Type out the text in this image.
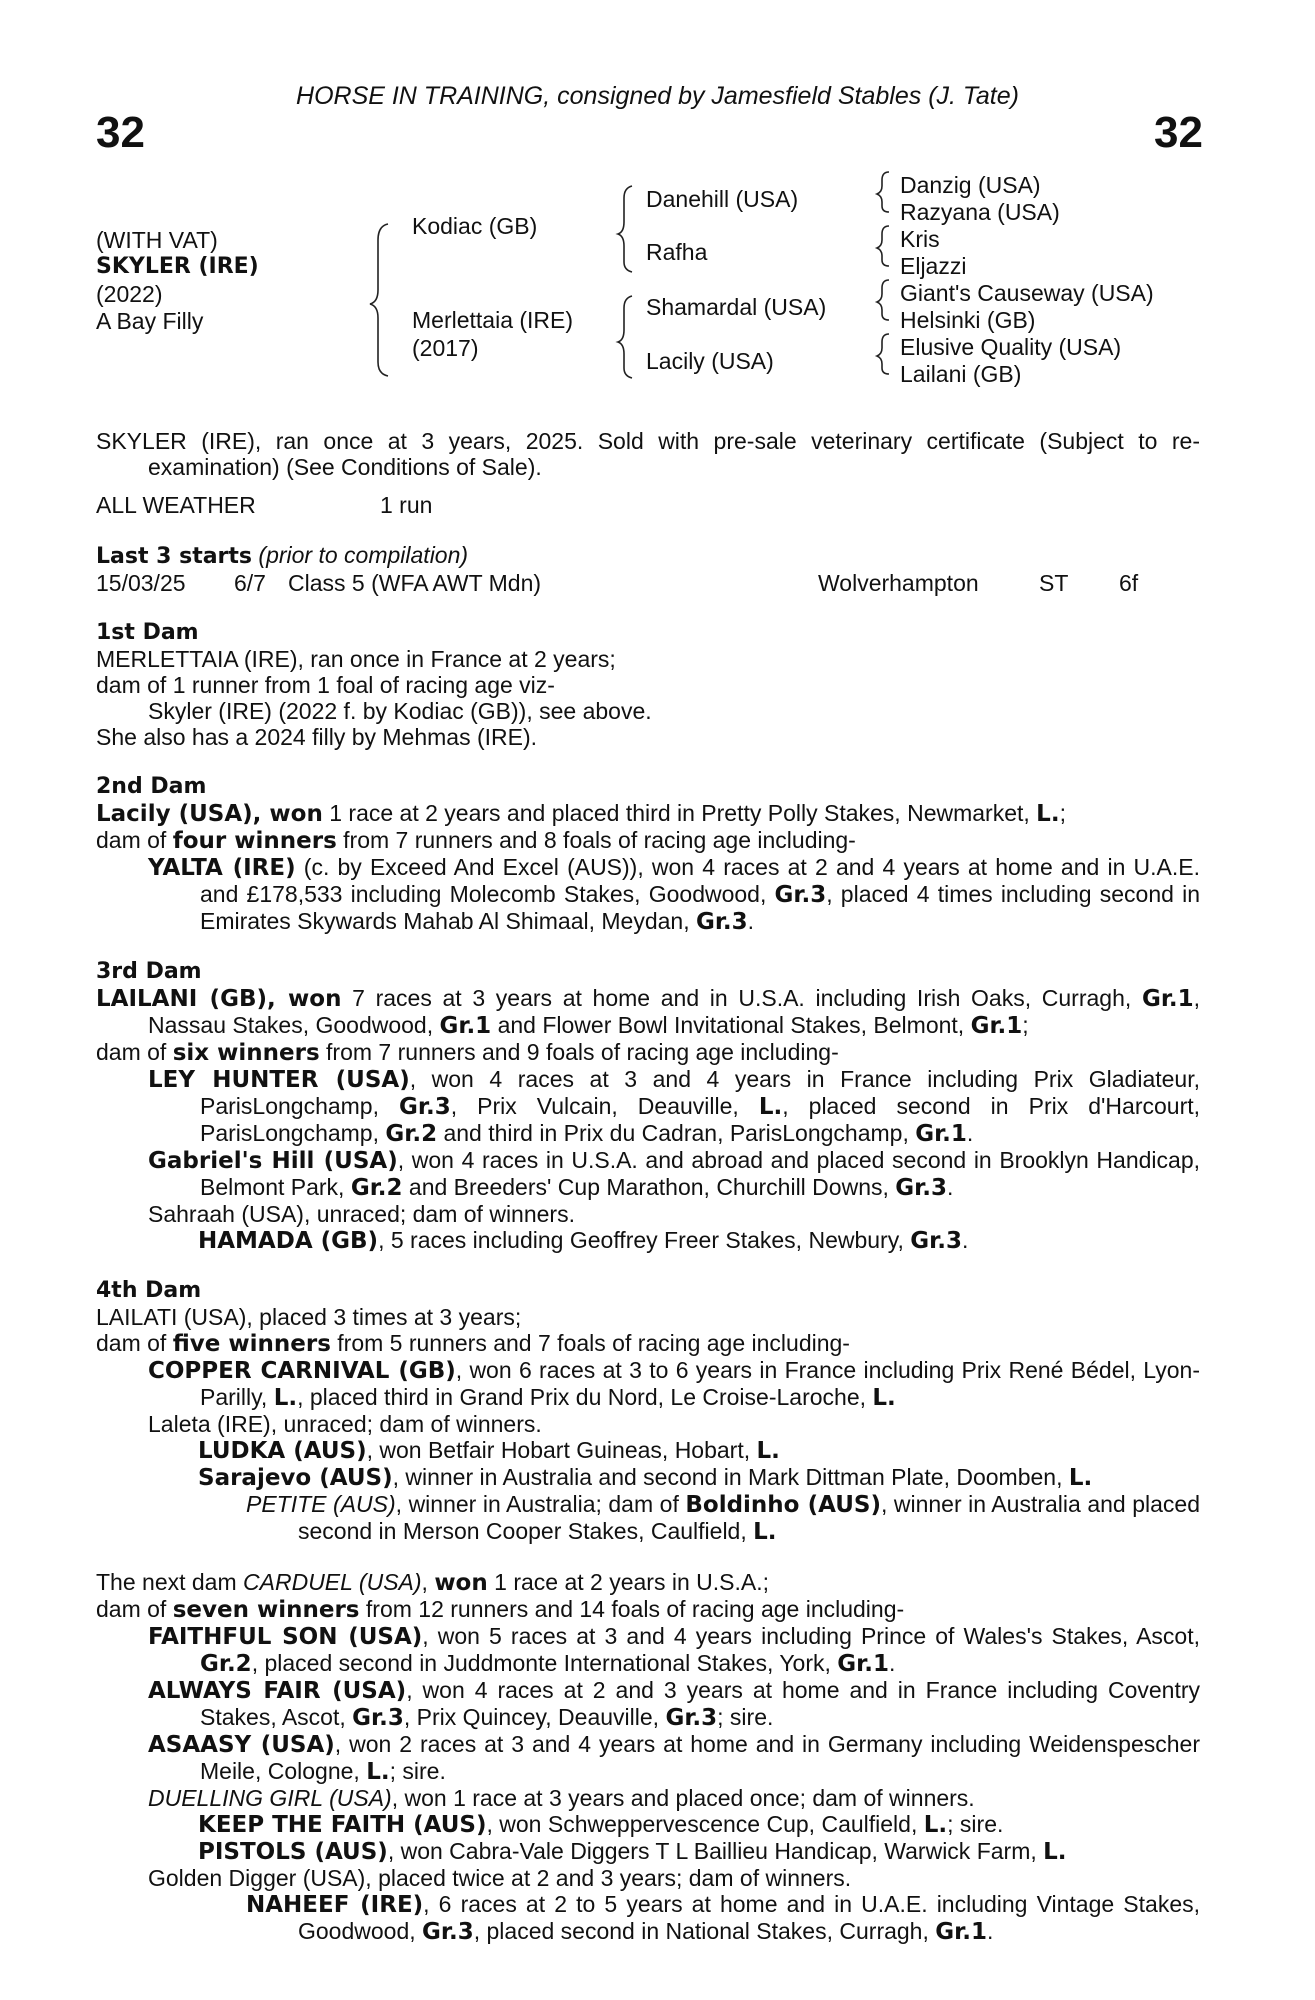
HORSE IN TRAINING, consigned by Jamesfield Stables (J. Tate)
32	32
(WITH VAT)
SKYLER (IRE)
(2022)
A Bay Filly
Kodiac (GB)
Merlettaia (IRE)
(2017)
Danehill (USA)
Rafha
Shamardal (USA)
Lacily (USA)
Danzig (USA)
Razyana (USA)
Kris
Eljazzi
Giant's Causeway (USA)
Helsinki (GB)
Elusive Quality (USA)
Lailani (GB)

SKYLER (IRE), ran once at 3 years, 2025. Sold with pre-sale veterinary certificate (Subject to re-examination) (See Conditions of Sale).

ALL WEATHER	1 run

Last 3 starts (prior to compilation)

15/03/25	6/7 Class 5 (WFA AWT Mdn)	Wolverhampton	ST	6f

1st Dam

MERLETTAIA (IRE), ran once in France at 2 years;

dam of 1 runner from 1 foal of racing age viz-

Skyler (IRE) (2022 f. by Kodiac (GB)), see above.

She also has a 2024 filly by Mehmas (IRE).

2nd Dam

Lacily (USA), won 1 race at 2 years and placed third in Pretty Polly Stakes, Newmarket, L.;

dam of four winners from 7 runners and 8 foals of racing age including-

YALTA (IRE) (c. by Exceed And Excel (AUS)), won 4 races at 2 and 4 years at home and in U.A.E. and £178,533 including Molecomb Stakes, Goodwood, Gr.3, placed 4 times including second in Emirates Skywards Mahab Al Shimaal, Meydan, Gr.3.

3rd Dam

LAILANI (GB), won 7 races at 3 years at home and in U.S.A. including Irish Oaks, Curragh, Gr.1, Nassau Stakes, Goodwood, Gr.1 and Flower Bowl Invitational Stakes, Belmont, Gr.1;

dam of six winners from 7 runners and 9 foals of racing age including-

LEY HUNTER (USA), won 4 races at 3 and 4 years in France including Prix Gladiateur, ParisLongchamp, Gr.3, Prix Vulcain, Deauville, L., placed second in Prix d'Harcourt, ParisLongchamp, Gr.2 and third in Prix du Cadran, ParisLongchamp, Gr.1.

Gabriel's Hill (USA), won 4 races in U.S.A. and abroad and placed second in Brooklyn Handicap, Belmont Park, Gr.2 and Breeders' Cup Marathon, Churchill Downs, Gr.3.

Sahraah (USA), unraced; dam of winners.

HAMADA (GB), 5 races including Geoffrey Freer Stakes, Newbury, Gr.3.

4th Dam

LAILATI (USA), placed 3 times at 3 years;

dam of five winners from 5 runners and 7 foals of racing age including-

COPPER CARNIVAL (GB), won 6 races at 3 to 6 years in France including Prix René Bédel, Lyon-Parilly, L., placed third in Grand Prix du Nord, Le Croise-Laroche, L.

Laleta (IRE), unraced; dam of winners.

LUDKA (AUS), won Betfair Hobart Guineas, Hobart, L.

Sarajevo (AUS), winner in Australia and second in Mark Dittman Plate, Doomben, L.

PETITE (AUS), winner in Australia; dam of Boldinho (AUS), winner in Australia and placed second in Merson Cooper Stakes, Caulfield, L.

The next dam CARDUEL (USA), won 1 race at 2 years in U.S.A.;

dam of seven winners from 12 runners and 14 foals of racing age including-

FAITHFUL SON (USA), won 5 races at 3 and 4 years including Prince of Wales's Stakes, Ascot, Gr.2, placed second in Juddmonte International Stakes, York, Gr.1.

ALWAYS FAIR (USA), won 4 races at 2 and 3 years at home and in France including Coventry Stakes, Ascot, Gr.3, Prix Quincey, Deauville, Gr.3; sire.

ASAASY (USA), won 2 races at 3 and 4 years at home and in Germany including Weidenspescher Meile, Cologne, L.; sire.

DUELLING GIRL (USA), won 1 race at 3 years and placed once; dam of winners.

KEEP THE FAITH (AUS), won Schweppervescence Cup, Caulfield, L.; sire.

PISTOLS (AUS), won Cabra-Vale Diggers T L Baillieu Handicap, Warwick Farm, L.

Golden Digger (USA), placed twice at 2 and 3 years; dam of winners.

NAHEEF (IRE), 6 races at 2 to 5 years at home and in U.A.E. including Vintage Stakes, Goodwood, Gr.3, placed second in National Stakes, Curragh, Gr.1.
